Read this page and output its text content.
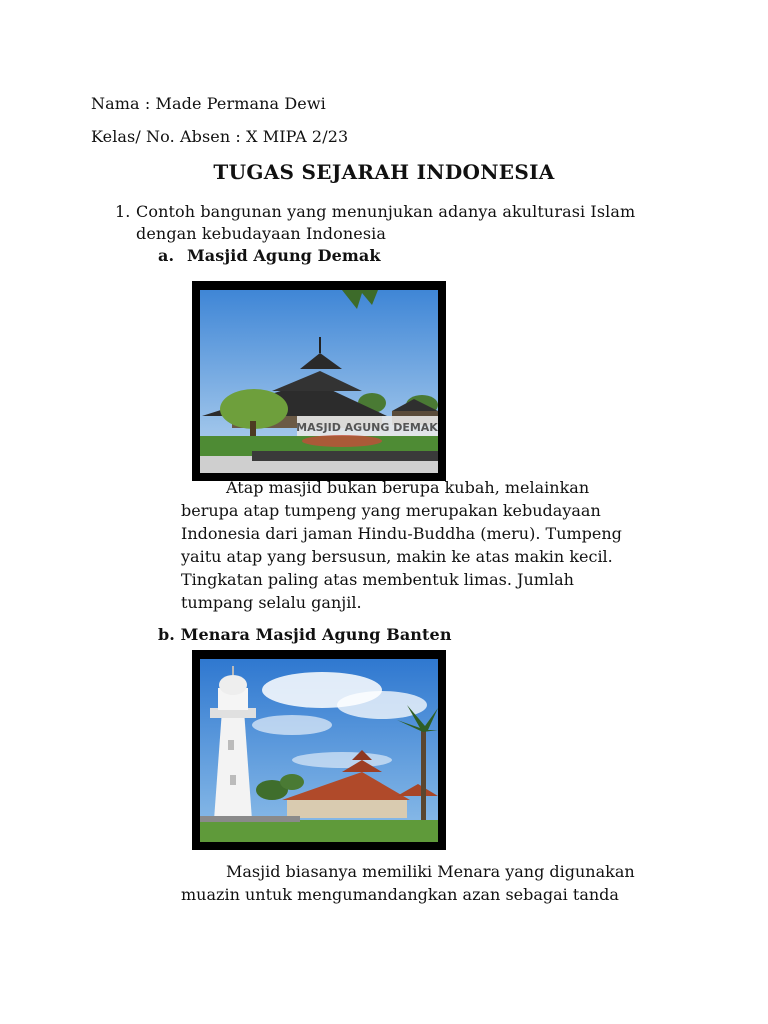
Nama : Made Permana Dewi
Kelas/ No. Absen : X MIPA 2/23
TUGAS SEJARAH INDONESIA
1. Contoh bangunan yang menunjukan adanya akulturasi Islam
dengan kebudayaan Indonesia
a. Masjid Agung Demak
MASJID AGUNG DEMAK
Atap masjid bukan berupa kubah, melainkan
berupa atap tumpeng yang merupakan kebudayaan
Indonesia dari jaman Hindu-Buddha (meru). Tumpeng
yaitu atap yang bersusun, makin ke atas makin kecil.
Tingkatan paling atas membentuk limas. Jumlah
tumpang selalu ganjil.
b. Menara Masjid Agung Banten
Masjid biasanya memiliki Menara yang digunakan
muazin untuk mengumandangkan azan sebagai tanda
